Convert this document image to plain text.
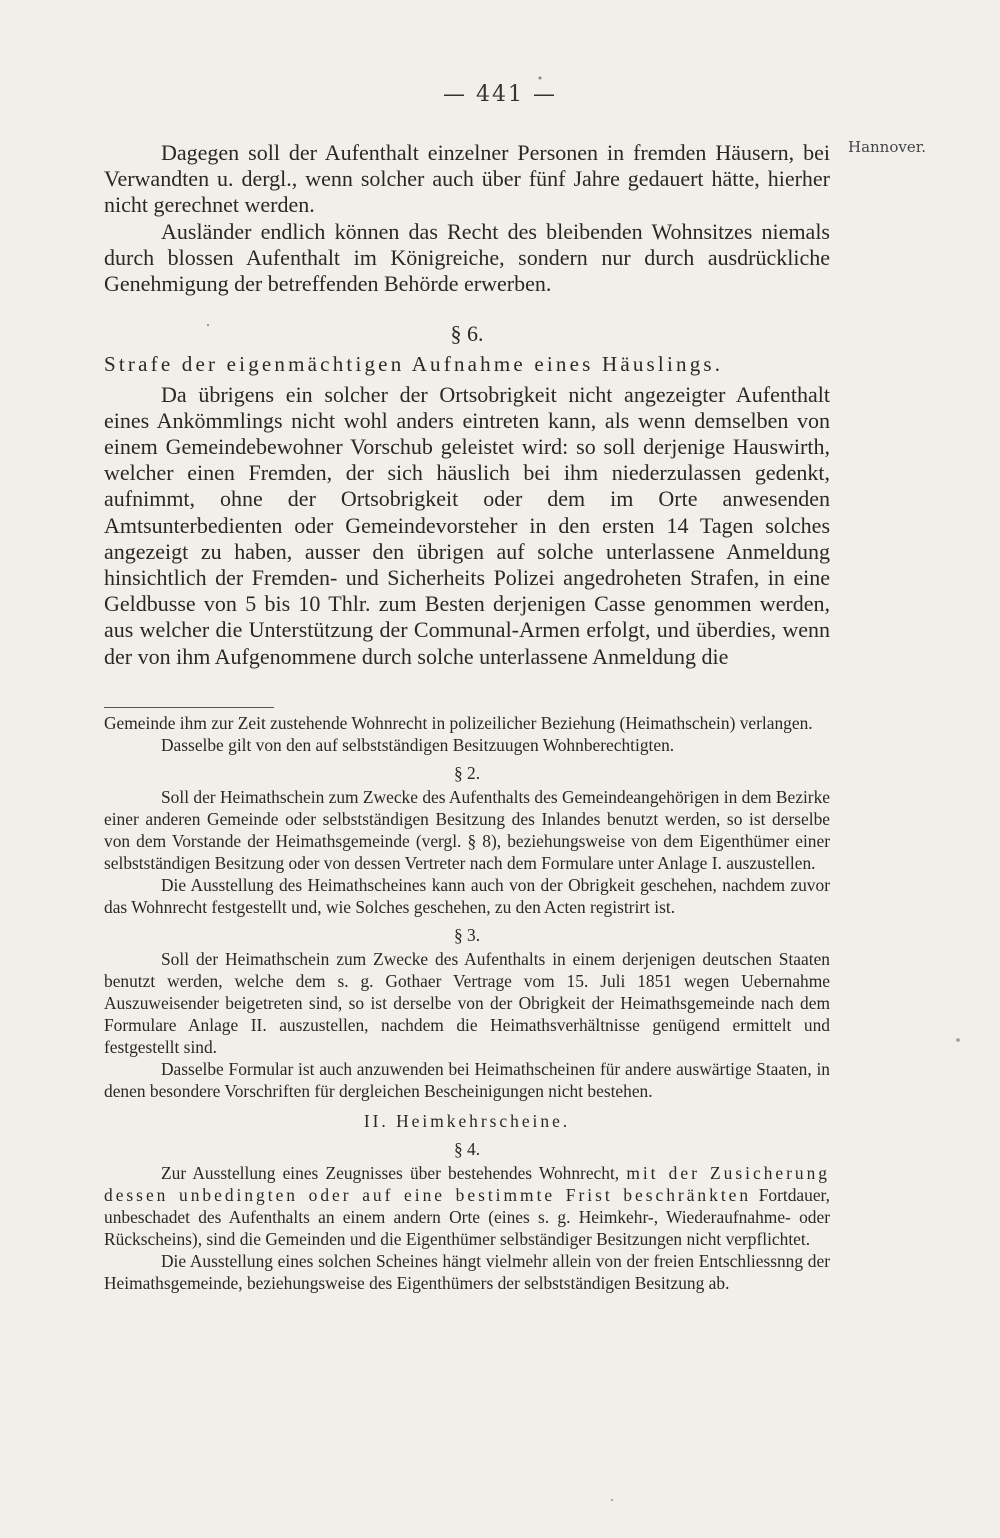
— 441 —
Hannover.

Dagegen soll der Aufenthalt einzelner Personen in fremden Häusern, bei Verwandten u. dergl., wenn solcher auch über fünf Jahre gedauert hätte, hierher nicht gerechnet werden.

Ausländer endlich können das Recht des bleibenden Wohnsitzes niemals durch blossen Aufenthalt im Königreiche, sondern nur durch ausdrückliche Genehmigung der betreffenden Behörde erwerben.

§ 6.
Strafe der eigenmächtigen Aufnahme eines Häuslings.

Da übrigens ein solcher der Ortsobrigkeit nicht angezeigter Aufenthalt eines Ankömmlings nicht wohl anders eintreten kann, als wenn demselben von einem Gemeindebewohner Vorschub geleistet wird: so soll derjenige Hauswirth, welcher einen Fremden, der sich häuslich bei ihm niederzulassen gedenkt, aufnimmt, ohne der Ortsobrigkeit oder dem im Orte anwesenden Amtsunterbedienten oder Gemeindevorsteher in den ersten 14 Tagen solches angezeigt zu haben, ausser den übrigen auf solche unterlassene Anmeldung hinsichtlich der Fremden- und Sicherheits Polizei angedroheten Strafen, in eine Geldbusse von 5 bis 10 Thlr. zum Besten derjenigen Casse genommen werden, aus welcher die Unterstützung der Communal-Armen erfolgt, und überdies, wenn der von ihm Aufgenommene durch solche unterlassene Anmeldung die

Gemeinde ihm zur Zeit zustehende Wohnrecht in polizeilicher Beziehung (Heimathschein) verlangen.

Dasselbe gilt von den auf selbstständigen Besitzuugen Wohnberechtigten.

§ 2.

Soll der Heimathschein zum Zwecke des Aufenthalts des Gemeindeangehörigen in dem Bezirke einer anderen Gemeinde oder selbstständigen Besitzung des Inlandes benutzt werden, so ist derselbe von dem Vorstande der Heimathsgemeinde (vergl. § 8), beziehungsweise von dem Eigenthümer einer selbstständigen Besitzung oder von dessen Vertreter nach dem Formulare unter Anlage I. auszustellen.

Die Ausstellung des Heimathscheines kann auch von der Obrigkeit geschehen, nachdem zuvor das Wohnrecht festgestellt und, wie Solches geschehen, zu den Acten registrirt ist.

§ 3.

Soll der Heimathschein zum Zwecke des Aufenthalts in einem derjenigen deutschen Staaten benutzt werden, welche dem s. g. Gothaer Vertrage vom 15. Juli 1851 wegen Uebernahme Auszuweisender beigetreten sind, so ist derselbe von der Obrigkeit der Heimathsgemeinde nach dem Formulare Anlage II. auszustellen, nachdem die Heimathsverhältnisse genügend ermittelt und festgestellt sind.

Dasselbe Formular ist auch anzuwenden bei Heimathscheinen für andere auswärtige Staaten, in denen besondere Vorschriften für dergleichen Bescheinigungen nicht bestehen.

II. Heimkehrscheine.
§ 4.

Zur Ausstellung eines Zeugnisses über bestehendes Wohnrecht, mit der Zusicherung dessen unbedingten oder auf eine bestimmte Frist beschränkten Fortdauer, unbeschadet des Aufenthalts an einem andern Orte (eines s. g. Heimkehr-, Wiederaufnahme- oder Rückscheins), sind die Gemeinden und die Eigenthümer selbständiger Besitzungen nicht verpflichtet.

Die Ausstellung eines solchen Scheines hängt vielmehr allein von der freien Entschliessnng der Heimathsgemeinde, beziehungsweise des Eigenthümers der selbstständigen Besitzung ab.
